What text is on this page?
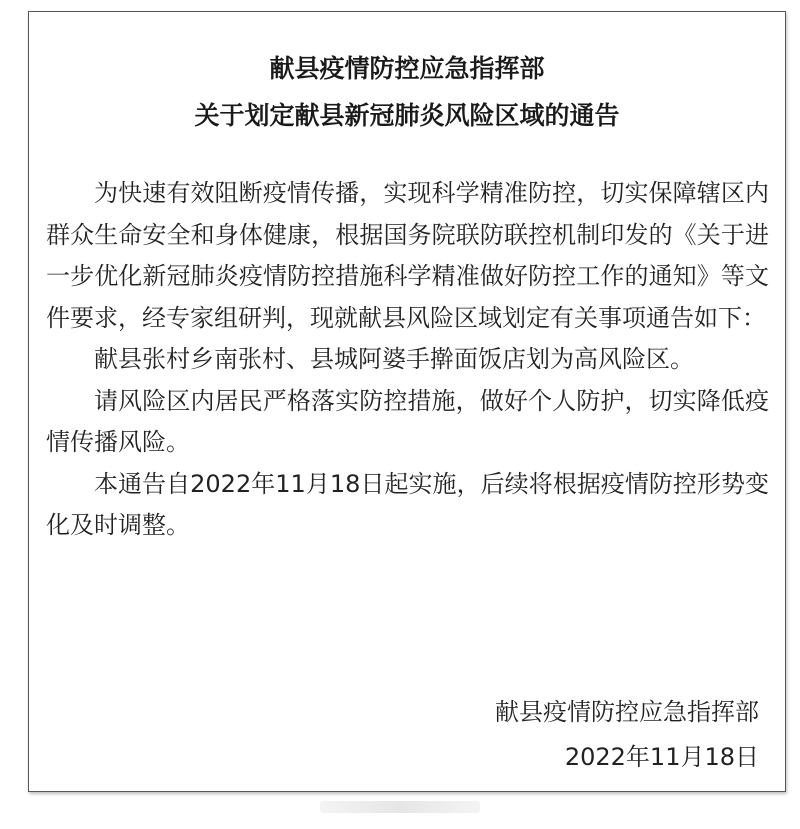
献县疫情防控应急指挥部
关于划定献县新冠肺炎风险区域的通告

为快速有效阻断疫情传播，实现科学精准防控，切实保障辖区内群众生命安全和身体健康，根据国务院联防联控机制印发的《关于进一步优化新冠肺炎疫情防控措施科学精准做好防控工作的通知》等文件要求，经专家组研判，现就献县风险区域划定有关事项通告如下：

献县张村乡南张村、县城阿婆手擀面饭店划为高风险区。

请风险区内居民严格落实防控措施，做好个人防护，切实降低疫情传播风险。

本通告自2022年11月18日起实施，后续将根据疫情防控形势变化及时调整。

献县疫情防控应急指挥部
2022年11月18日
